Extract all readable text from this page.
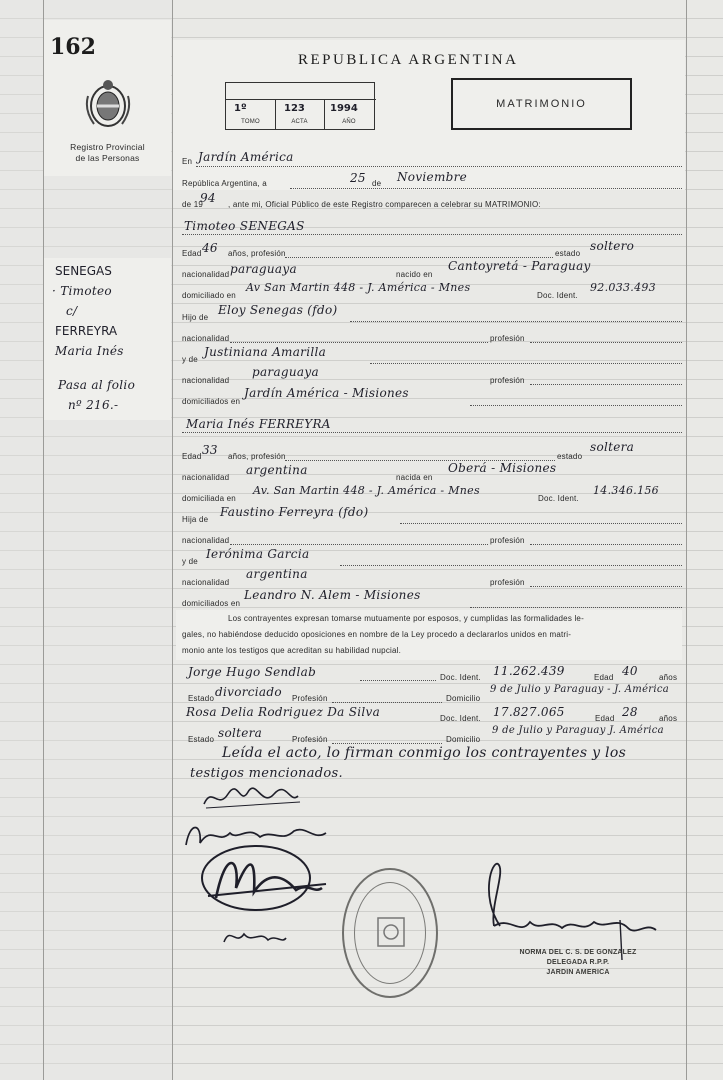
162
Registro Provincial
de las Personas
SENEGAS
· Timoteo
c/
FERREYRA
Maria Inés
Pasa al folio
nº 216.-
REPUBLICA ARGENTINA
1º	123	1994
TOMO	ACTA	AÑO
MATRIMONIO
En Jardín América
República Argentina, a	25 de Noviembre
de 19
94 , ante mi, Oficial Público de este Registro comparecen a celebrar su MATRIMONIO:
Timoteo SENEGAS
Edad 46 años, profesión	estado
soltero
nacionalidad paraguaya	nacido en
Cantoyretá - Paraguay
domiciliado en
Av San Martin 448 - J. América - Mnes
Doc. Ident.
92.033.493
Hijo de
Eloy Senegas (fdo)
nacionalidad	profesión
y de
Justiniana Amarilla
nacionalidad
paraguaya
profesión
domiciliados en
Jardín América - Misiones
Maria Inés FERREYRA
Edad 33 años, profesión	estado
soltera
nacionalidad
argentina
nacida en
Oberá - Misiones
domiciliada en
Av. San Martin 448 - J. América - Mnes
Doc. Ident.
14.346.156
Hija de
Faustino Ferreyra (fdo)
nacionalidad	profesión
y de
Ierónima Garcia
nacionalidad
argentina
profesión
domiciliados en
Leandro N. Alem - Misiones
Los contrayentes expresan tomarse mutuamente por esposos, y cumplidas las formalidades le-
gales, no habiéndose deducido oposiciones en nombre de la Ley procedo a declararlos unidos en matri-
monio ante los testigos que acreditan su habilidad nupcial.
Jorge Hugo Sendlab	Doc. Ident. 11.262.439	Edad 40	años
Estado divorciado Profesión	Domicilio
9 de Julio y Paraguay - J. América
Rosa Delia Rodriguez Da Silva	Doc. Ident. 17.827.065	Edad 28	años
Estado soltera	Profesión	Domicilio
9 de Julio y Paraguay J. América
Leída el acto, lo firman conmigo los contrayentes y los
testigos mencionados.
NORMA DEL C. S. DE GONZALEZ
DELEGADA R.P.P.
JARDIN AMERICA
